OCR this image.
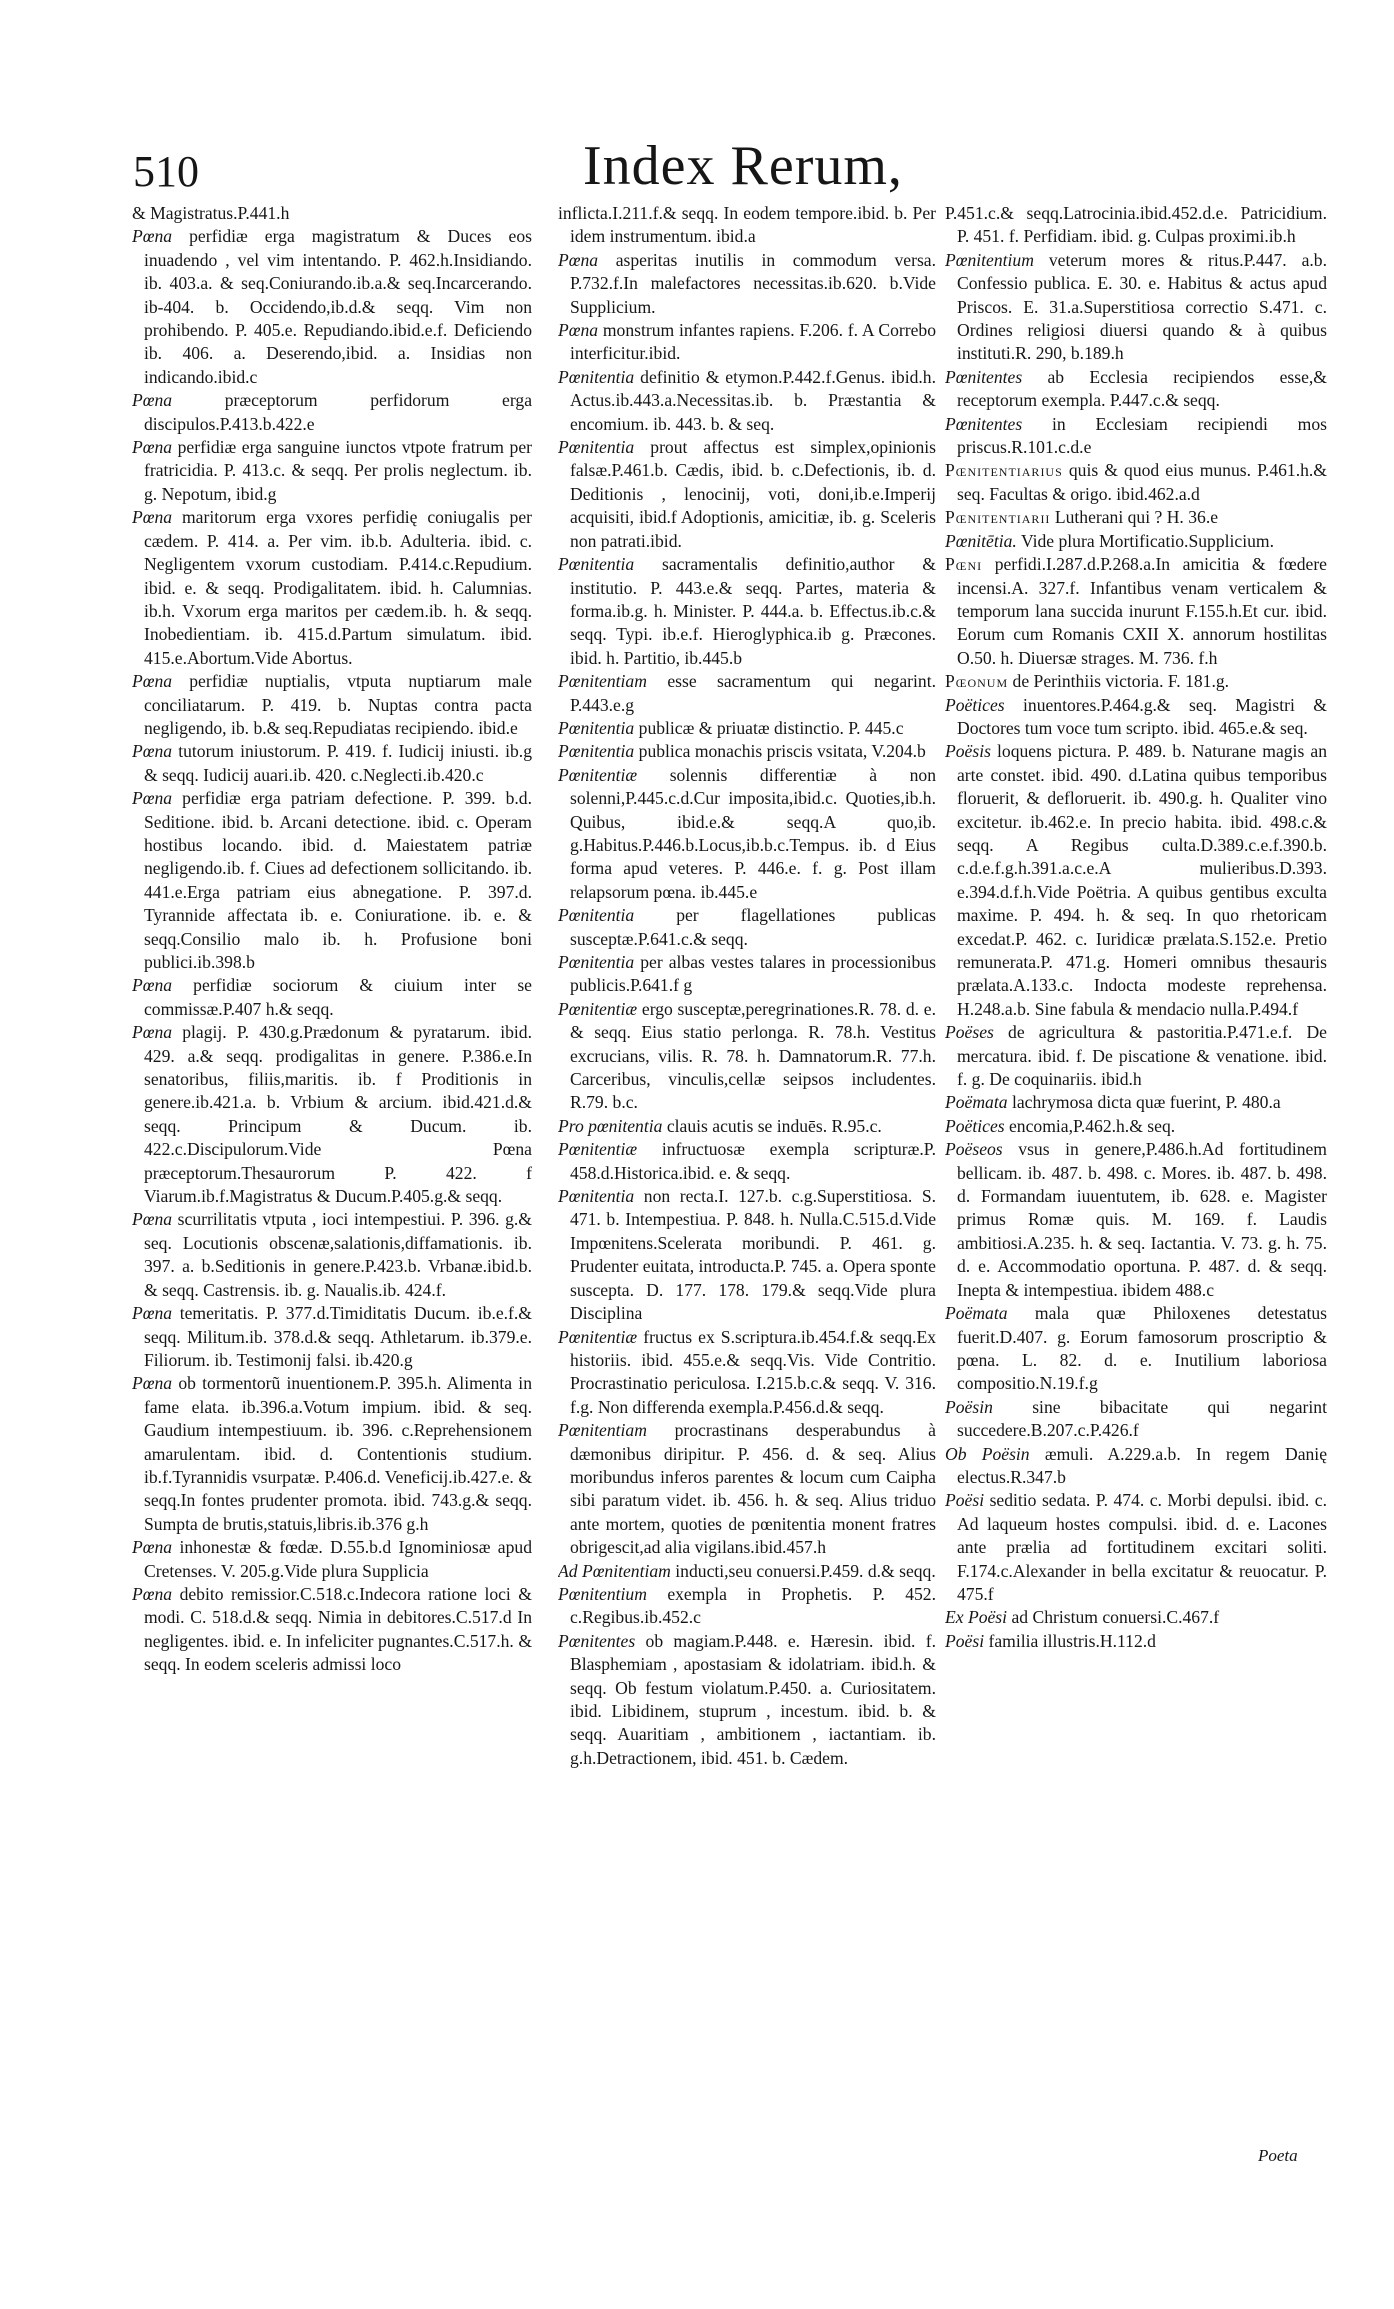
510	Index Rerum,

& Magistratus.P.441.h

Pœna perfidiæ erga magistratum & Duces eos inuadendo , vel vim intentando. P. 462.h.Insidiando. ib. 403.a. & seq.Coniurando.ib.a.& seq.Incarcerando. ib-404. b. Occidendo,ib.d.& seqq. Vim non prohibendo. P. 405.e. Repudiando.ibid.e.f. Deficiendo ib. 406. a. Deserendo,ibid. a. Insidias non indicando.ibid.c

Pœna	præceptorum perfidorum erga discipulos.P.413.b.422.e

Pœna perfidiæ erga sanguine iunctos vtpote fratrum per fratricidia. P. 413.c. & seqq. Per prolis neglectum. ib. g. Nepotum, ibid.g

Pœna maritorum erga vxores perfidię coniugalis per cædem. P. 414. a. Per vim. ib.b. Adulteria. ibid. c. Negligentem vxorum custodiam. P.414.c.Repudium. ibid. e. & seqq. Prodigalitatem. ibid. h. Calumnias. ib.h. Vxorum erga maritos per cædem.ib. h. & seqq. Inobedientiam. ib. 415.d.Partum simulatum. ibid. 415.e.Abortum.Vide Abortus.

Pœna perfidiæ nuptialis, vtputa nuptiarum male conciliatarum. P. 419. b. Nuptas contra pacta negligendo, ib. b.& seq.Repudiatas recipiendo. ibid.e

Pœna tutorum iniustorum. P. 419. f. Iudicij iniusti. ib.g & seqq. Iudicij auari.ib. 420. c.Neglecti.ib.420.c

Pœna perfidiæ erga patriam defectione. P. 399. b.d. Seditione. ibid. b. Arcani detectione. ibid. c. Operam hostibus locando. ibid. d. Maiestatem patriæ negligendo.ib. f. Ciues ad defectionem sollicitando. ib. 441.e.Erga patriam eius abnegatione. P. 397.d. Tyrannide affectata ib. e. Coniuratione. ib. e. & seqq.Consilio malo ib. h. Profusione boni publici.ib.398.b

Pœna perfidiæ sociorum & ciuium inter se commissæ.P.407 h.& seqq.

Pœna plagij. P. 430.g.Prædonum & pyratarum. ibid. 429. a.& seqq. prodigalitas in genere. P.386.e.In senatoribus, filiis,maritis. ib. f Proditionis in genere.ib.421.a. b. Vrbium & arcium. ibid.421.d.& seqq. Principum & Ducum. ib. 422.c.Discipulorum.Vide Pœna præceptorum.Thesaurorum P. 422. f Viarum.ib.f.Magistratus & Ducum.P.405.g.& seqq.

Pœna scurrilitatis vtputa , ioci intempestiui. P. 396. g.& seq. Locutionis obscenæ,salationis,diffamationis. ib. 397. a. b.Seditionis in genere.P.423.b. Vrbanæ.ibid.b. & seqq. Castrensis. ib. g. Naualis.ib. 424.f.

Pœna temeritatis. P. 377.d.Timiditatis Ducum. ib.e.f.& seqq. Militum.ib. 378.d.& seqq. Athletarum. ib.379.e. Filiorum. ib. Testimonij falsi. ib.420.g

Pœna ob tormentorũ inuentionem.P. 395.h. Alimenta in fame elata. ib.396.a.Votum impium. ibid. & seq. Gaudium intempestiuum. ib. 396. c.Reprehensionem amarulentam. ibid. d. Contentionis studium. ib.f.Tyrannidis vsurpatæ. P.406.d. Veneficij.ib.427.e. & seqq.In fontes prudenter promota. ibid. 743.g.& seqq. Sumpta de brutis,statuis,libris.ib.376 g.h

Pœna inhonestæ & fœdæ. D.55.b.d Ignominiosæ apud Cretenses. V. 205.g.Vide plura Supplicia

Pœna debito remissior.C.518.c.Indecora ratione loci & modi. C. 518.d.& seqq. Nimia in debitores.C.517.d In negligentes. ibid. e. In infeliciter pugnantes.C.517.h. & seqq. In eodem sceleris admissi loco

inflicta.I.211.f.& seqq. In eodem tempore.ibid. b. Per idem instrumentum. ibid.a

Pœna asperitas inutilis in commodum versa. P.732.f.In malefactores necessitas.ib.620. b.Vide Supplicium.

Pœna monstrum infantes rapiens. F.206. f. A Correbo interficitur.ibid.

Pœnitentia definitio & etymon.P.442.f.Genus. ibid.h. Actus.ib.443.a.Necessitas.ib. b. Præstantia & encomium. ib. 443. b. & seq.

Pœnitentia prout affectus est simplex,opinionis falsæ.P.461.b. Cædis, ibid. b. c.Defectionis, ib. d. Deditionis , lenocinij, voti, doni,ib.e.Imperij acquisiti, ibid.f Adoptionis, amicitiæ, ib. g. Sceleris non patrati.ibid.

Pœnitentia sacramentalis definitio,author & institutio. P. 443.e.& seqq. Partes, materia & forma.ib.g. h. Minister. P. 444.a. b. Effectus.ib.c.& seqq. Typi. ib.e.f. Hieroglyphica.ib g. Præcones. ibid. h. Partitio, ib.445.b

Pœnitentiam esse sacramentum qui negarint. P.443.e.g

Pœnitentia publicæ & priuatæ distinctio. P. 445.c

Pœnitentia publica monachis priscis vsitata, V.204.b

Pœnitentiæ solennis differentiæ à non solenni,P.445.c.d.Cur imposita,ibid.c. Quoties,ib.h. Quibus, ibid.e.& seqq.A quo,ib. g.Habitus.P.446.b.Locus,ib.b.c.Tempus. ib. d Eius forma apud veteres. P. 446.e. f. g. Post illam relapsorum pœna. ib.445.e

Pœnitentia per flagellationes publicas susceptæ.P.641.c.& seqq.

Pœnitentia per albas vestes talares in processionibus publicis.P.641.f g

Pœnitentiæ ergo susceptæ,peregrinationes.R. 78. d. e. & seqq. Eius statio perlonga. R. 78.h. Vestitus excrucians, vilis. R. 78. h. Damnatorum.R. 77.h. Carceribus, vinculis,cellæ seipsos includentes. R.79. b.c.

Pro pœnitentia clauis acutis se induēs. R.95.c.

Pœnitentiæ infructuosæ exempla scripturæ.P. 458.d.Historica.ibid. e. & seqq.

Pœnitentia non recta.I. 127.b. c.g.Superstitiosa. S. 471. b. Intempestiua. P. 848. h. Nulla.C.515.d.Vide Impœnitens.Scelerata moribundi. P. 461. g. Prudenter euitata, introducta.P. 745. a. Opera sponte suscepta. D. 177. 178. 179.& seqq.Vide plura Disciplina

Pœnitentiæ fructus ex S.scriptura.ib.454.f.& seqq.Ex historiis. ibid. 455.e.& seqq.Vis. Vide Contritio. Procrastinatio periculosa. I.215.b.c.& seqq. V. 316. f.g. Non differenda exempla.P.456.d.& seqq.

Pœnitentiam procrastinans desperabundus à dæmonibus diripitur. P. 456. d. & seq. Alius moribundus inferos parentes & locum cum Caipha sibi paratum videt. ib. 456. h. & seq. Alius triduo ante mortem, quoties de pœnitentia monent fratres obrigescit,ad alia vigilans.ibid.457.h

Ad Pœnitentiam inducti,seu conuersi.P.459. d.& seqq.

Pœnitentium exempla in Prophetis. P. 452. c.Regibus.ib.452.c

Pœnitentes ob magiam.P.448. e. Hæresin. ibid. f. Blasphemiam , apostasiam & idolatriam. ibid.h. & seqq. Ob festum violatum.P.450. a. Curiositatem. ibid. Libidinem, stuprum , incestum. ibid. b. & seqq. Auaritiam , ambitionem , iactantiam. ib. g.h.Detractionem, ibid. 451. b. Cædem.

P.451.c.& seqq.Latrocinia.ibid.452.d.e. Patricidium. P. 451. f. Perfidiam. ibid. g. Culpas proximi.ib.h

Pœnitentium veterum mores & ritus.P.447. a.b. Confessio publica. E. 30. e. Habitus & actus apud Priscos. E. 31.a.Superstitiosa correctio S.471. c. Ordines religiosi diuersi quando & à quibus instituti.R. 290, b.189.h

Pœnitentes ab Ecclesia recipiendos esse,& receptorum exempla. P.447.c.& seqq.

Pœnitentes in Ecclesiam recipiendi mos priscus.R.101.c.d.e

Pœnitentiarius quis & quod eius munus. P.461.h.& seq. Facultas & origo. ibid.462.a.d

Pœnitentiarii Lutherani qui ? H. 36.e

Pœnitētia. Vide plura Mortificatio.Supplicium.

Pœni perfidi.I.287.d.P.268.a.In amicitia & fœdere incensi.A. 327.f. Infantibus venam verticalem & temporum lana succida inurunt F.155.h.Et cur. ibid. Eorum cum Romanis CXII X. annorum hostilitas O.50. h. Diuersæ strages. M. 736. f.h

Pœonum de Perinthiis victoria. F. 181.g.

Poëtices inuentores.P.464.g.& seq. Magistri & Doctores tum voce tum scripto. ibid. 465.e.& seq.

Poësis loquens pictura. P. 489. b. Naturane magis an arte constet. ibid. 490. d.Latina quibus temporibus floruerit, & defloruerit. ib. 490.g. h. Qualiter vino excitetur. ib.462.e. In precio habita. ibid. 498.c.& seqq. A Regibus culta.D.389.c.e.f.390.b. c.d.e.f.g.h.391.a.c.e.A mulieribus.D.393. e.394.d.f.h.Vide Poëtria. A quibus gentibus exculta maxime. P. 494. h. & seq. In quo rhetoricam excedat.P. 462. c. Iuridicæ prælata.S.152.e. Pretio remunerata.P. 471.g. Homeri omnibus thesauris prælata.A.133.c. Indocta modeste reprehensa. H.248.a.b. Sine fabula & mendacio nulla.P.494.f

Poëses de agricultura & pastoritia.P.471.e.f. De mercatura. ibid. f. De piscatione & venatione. ibid. f. g. De coquinariis. ibid.h

Poëmata lachrymosa dicta quæ fuerint, P. 480.a

Poëtices encomia,P.462.h.& seq.

Poëseos vsus in genere,P.486.h.Ad fortitudinem bellicam. ib. 487. b. 498. c. Mores. ib. 487. b. 498. d. Formandam iuuentutem, ib. 628. e. Magister primus Romæ quis. M. 169. f. Laudis ambitiosi.A.235. h. & seq. Iactantia. V. 73. g. h. 75. d. e. Accommodatio oportuna. P. 487. d. & seqq. Inepta & intempestiua. ibidem 488.c

Poëmata mala quæ Philoxenes detestatus fuerit.D.407. g. Eorum famosorum proscriptio & pœna. L. 82. d. e. Inutilium laboriosa compositio.N.19.f.g

Poësin sine bibacitate qui negarint succedere.B.207.c.P.426.f

Ob Poësin æmuli. A.229.a.b. In regem Danię electus.R.347.b

Poësi seditio sedata. P. 474. c. Morbi depulsi. ibid. c. Ad laqueum hostes compulsi. ibid. d. e. Lacones ante prælia ad fortitudinem excitari soliti. F.174.c.Alexander in bella excitatur & reuocatur. P. 475.f

Ex Poësi ad Christum conuersi.C.467.f

Poësi familia illustris.H.112.d

Poeta
